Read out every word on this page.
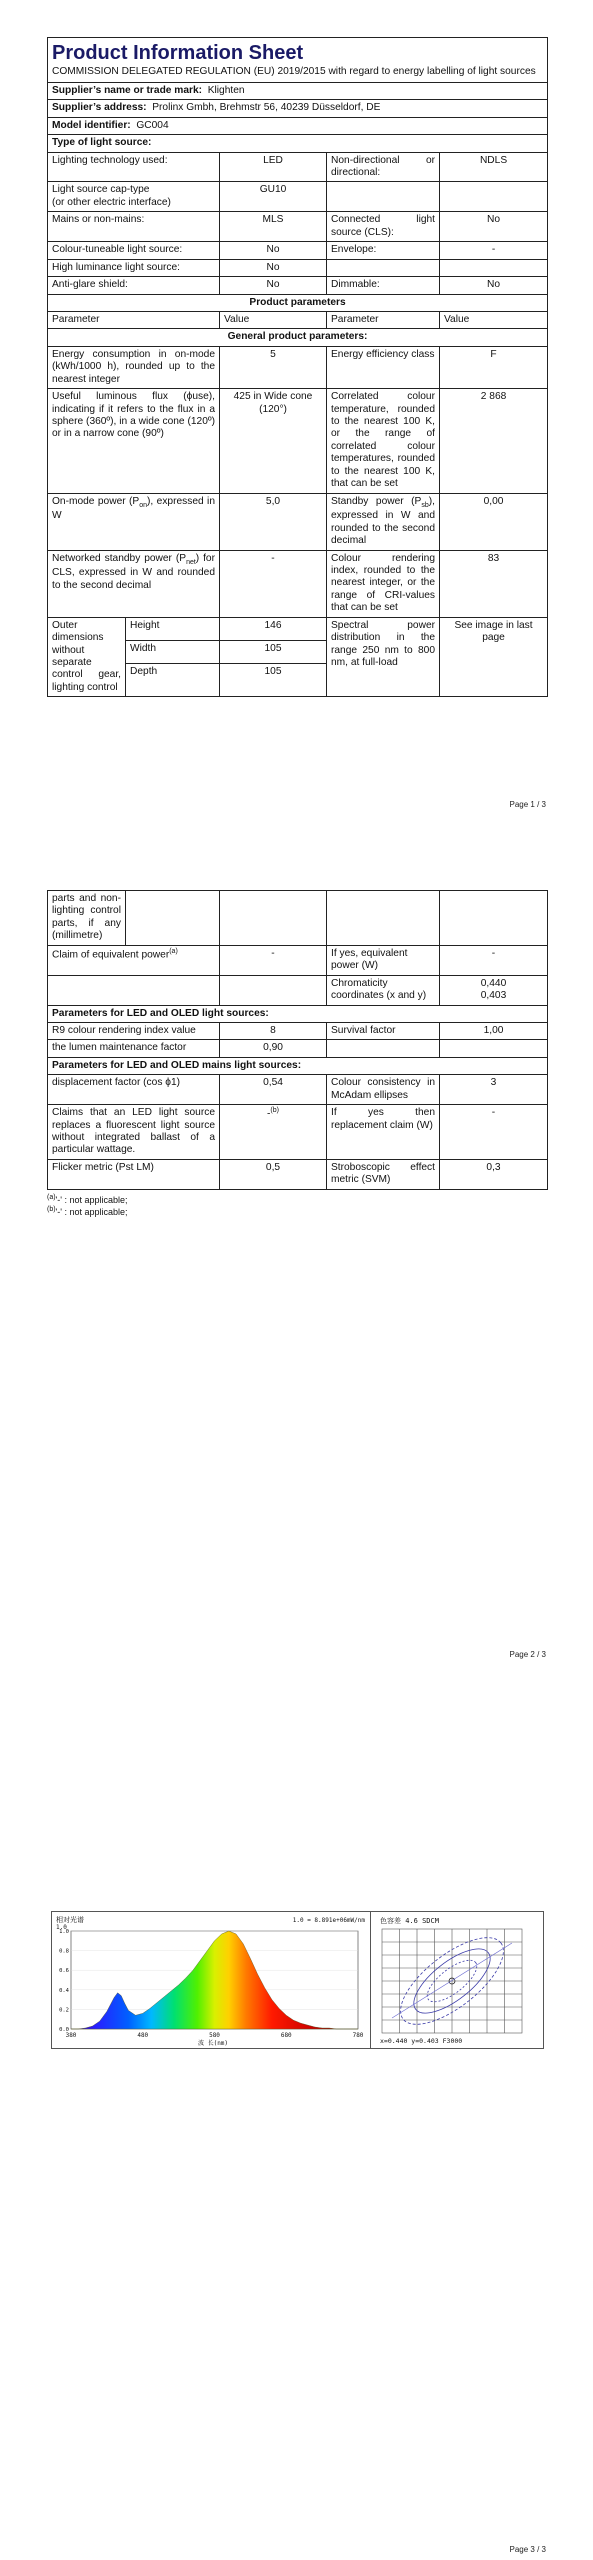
Product Information Sheet
COMMISSION DELEGATED REGULATION (EU) 2019/2015 with regard to energy labelling of light sources				

Supplier’s name or trade mark: Klighten				
Supplier’s address: Prolinx Gmbh, Brehmstr 56, 40239 Düsseldorf, DE				
Model identifier: GC004				
Type of light source:				
Lighting technology used:		LED	Non-directional or directional:	NDLS
Light source cap-type
(or other electric interface)		GU10		
Mains or non-mains:		MLS	Connected light source (CLS):	No
Colour-tuneable light source:		No	Envelope:	-
High luminance light source:		No		
Anti-glare shield:		No	Dimmable:	No
Product parameters				
Parameter		Value	Parameter	Value
General product parameters:				
Energy consumption in on-mode (kWh/1000 h), rounded up to the nearest integer		5	Energy efficiency class	F
Useful luminous flux (ϕuse), indicating if it refers to the flux in a sphere (360º), in a wide cone (120º) or in a narrow cone (90º)		425 in Wide cone (120°)	Correlated colour temperature, rounded to the nearest 100 K, or the range of correlated colour temperatures, rounded to the nearest 100 K, that can be set	2 868
On-mode power $(P_{on})$, expressed in W		5,0	Standby power $(P_{sb})$, expressed in W and rounded to the second decimal	0,00
Networked standby power $(P_{net})$ for CLS, expressed in W and rounded to the second decimal		-	Colour rendering index, rounded to the nearest integer, or the range of CRI-values that can be set	83
Outer dimensions without separate control gear, lighting control	Height	146	Spectral power distribution in the range 250 nm to 800 nm, at full-load	See image in last page
	Width	105		
	Depth	105		
Page 1 / 3
parts and non-lighting control parts, if any (millimetre)				
Claim of equivalent power$^{(a)}$		-	If yes, equivalent power (W)	-
			Chromaticity coordinates (x and y)	0,440
0,403

Parameters for LED and OLED light sources:				
R9 colour rendering index value		8	Survival factor	1,00
the lumen maintenance factor		0,90		
Parameters for LED and OLED mains light sources:				
displacement factor (cos ϕ1)		0,54	Colour consistency in McAdam ellipses	3
Claims that an LED light source replaces a fluorescent light source without integrated ballast of a particular wattage.		-$^{(b)}$	If yes then replacement claim (W)	-
Flicker metric (Pst LM)		0,5	Stroboscopic effect metric (SVM)	0,3
$^{(a)}$'-' : not applicable;
$^{(b)}$'-' : not applicable;
Page 2 / 3
相对光谱
1.0
1.0 = 8.891e+06mW/nm
波 长(nm)
380	480	580	680	780
0.0
0.2
0.4
0.6
0.8
1.0
色容差 4.6 SDCM
x=0.440 y=0.403 F3000
Page 3 / 3
